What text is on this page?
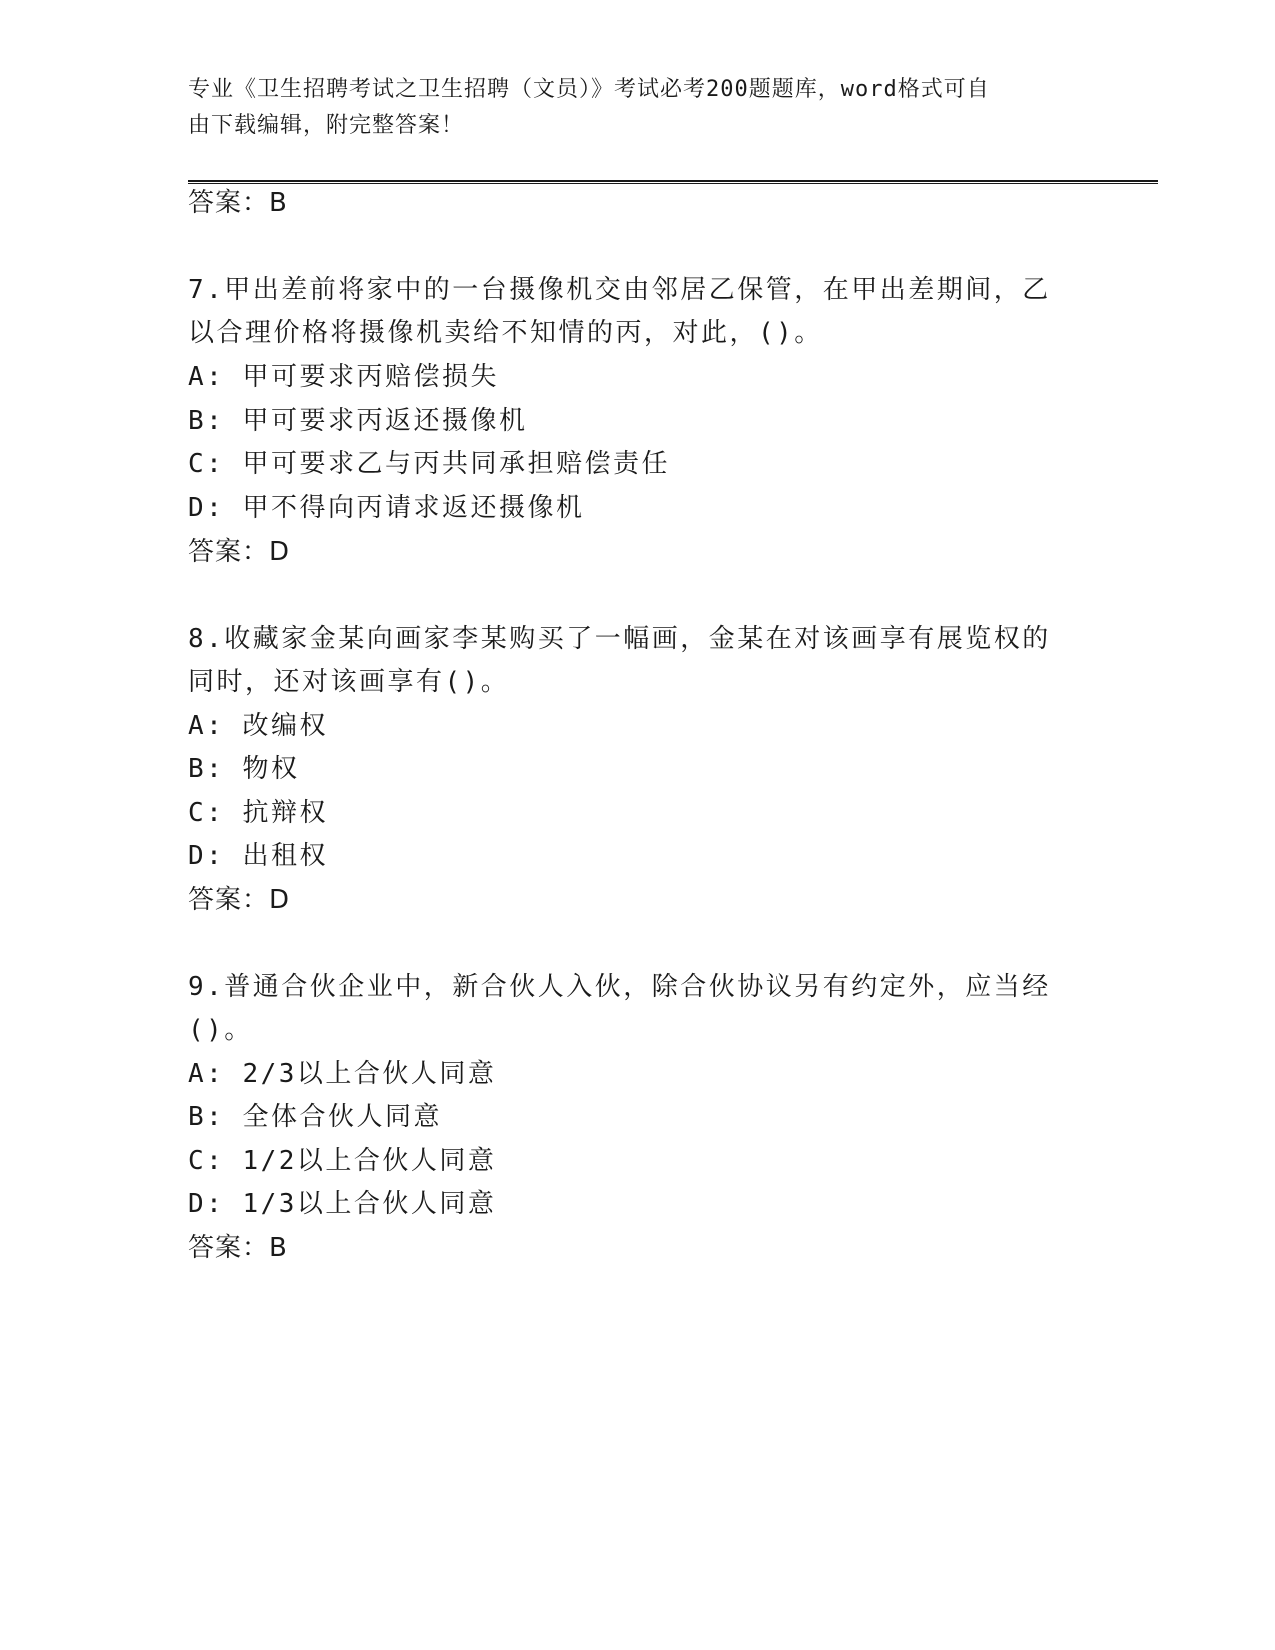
专业《卫生招聘考试之卫生招聘（文员）》考试必考200题题库，word格式可自
由下载编辑，附完整答案！
答案：B
7.甲出差前将家中的一台摄像机交由邻居乙保管，在甲出差期间，乙
以合理价格将摄像机卖给不知情的丙，对此，()。
A: 甲可要求丙赔偿损失
B: 甲可要求丙返还摄像机
C: 甲可要求乙与丙共同承担赔偿责任
D: 甲不得向丙请求返还摄像机
答案：D
8.收藏家金某向画家李某购买了一幅画，金某在对该画享有展览权的
同时，还对该画享有()。
A: 改编权
B: 物权
C: 抗辩权
D: 出租权
答案：D
9.普通合伙企业中，新合伙人入伙，除合伙协议另有约定外，应当经
()。
A: 2/3以上合伙人同意
B: 全体合伙人同意
C: 1/2以上合伙人同意
D: 1/3以上合伙人同意
答案：B
